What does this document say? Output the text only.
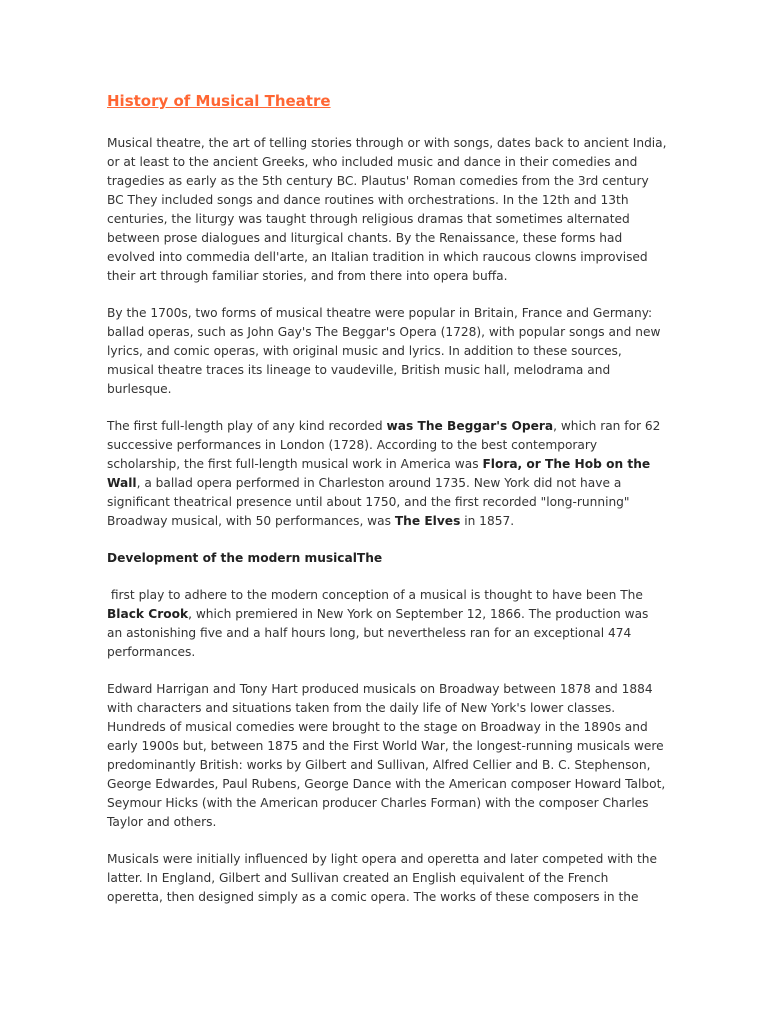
History of Musical Theatre

Musical theatre, the art of telling stories through or with songs, dates back to ancient India, or at least to the ancient Greeks, who included music and dance in their comedies and tragedies as early as the 5th century BC. Plautus' Roman comedies from the 3rd century BC They included songs and dance routines with orchestrations. In the 12th and 13th centuries, the liturgy was taught through religious dramas that sometimes alternated between prose dialogues and liturgical chants. By the Renaissance, these forms had evolved into commedia dell'arte, an Italian tradition in which raucous clowns improvised their art through familiar stories, and from there into opera buffa.

By the 1700s, two forms of musical theatre were popular in Britain, France and Germany: ballad operas, such as John Gay's The Beggar's Opera (1728), with popular songs and new lyrics, and comic operas, with original music and lyrics. In addition to these sources, musical theatre traces its lineage to vaudeville, British music hall, melodrama and burlesque.

The first full-length play of any kind recorded was The Beggar's Opera, which ran for 62 successive performances in London (1728). According to the best contemporary scholarship, the first full-length musical work in America was Flora, or The Hob on the Wall, a ballad opera performed in Charleston around 1735. New York did not have a significant theatrical presence until about 1750, and the first recorded "long-running" Broadway musical, with 50 performances, was The Elves in 1857.

Development of the modern musicalThe

first play to adhere to the modern conception of a musical is thought to have been The Black Crook, which premiered in New York on September 12, 1866. The production was an astonishing five and a half hours long, but nevertheless ran for an exceptional 474 performances.

Edward Harrigan and Tony Hart produced musicals on Broadway between 1878 and 1884 with characters and situations taken from the daily life of New York's lower classes. Hundreds of musical comedies were brought to the stage on Broadway in the 1890s and early 1900s but, between 1875 and the First World War, the longest-running musicals were predominantly British: works by Gilbert and Sullivan, Alfred Cellier and B. C. Stephenson, George Edwardes, Paul Rubens, George Dance with the American composer Howard Talbot, Seymour Hicks (with the American producer Charles Forman) with the composer Charles Taylor and others.

Musicals were initially influenced by light opera and operetta and later competed with the latter. In England, Gilbert and Sullivan created an English equivalent of the French operetta, then designed simply as a comic opera. The works of these composers in the
